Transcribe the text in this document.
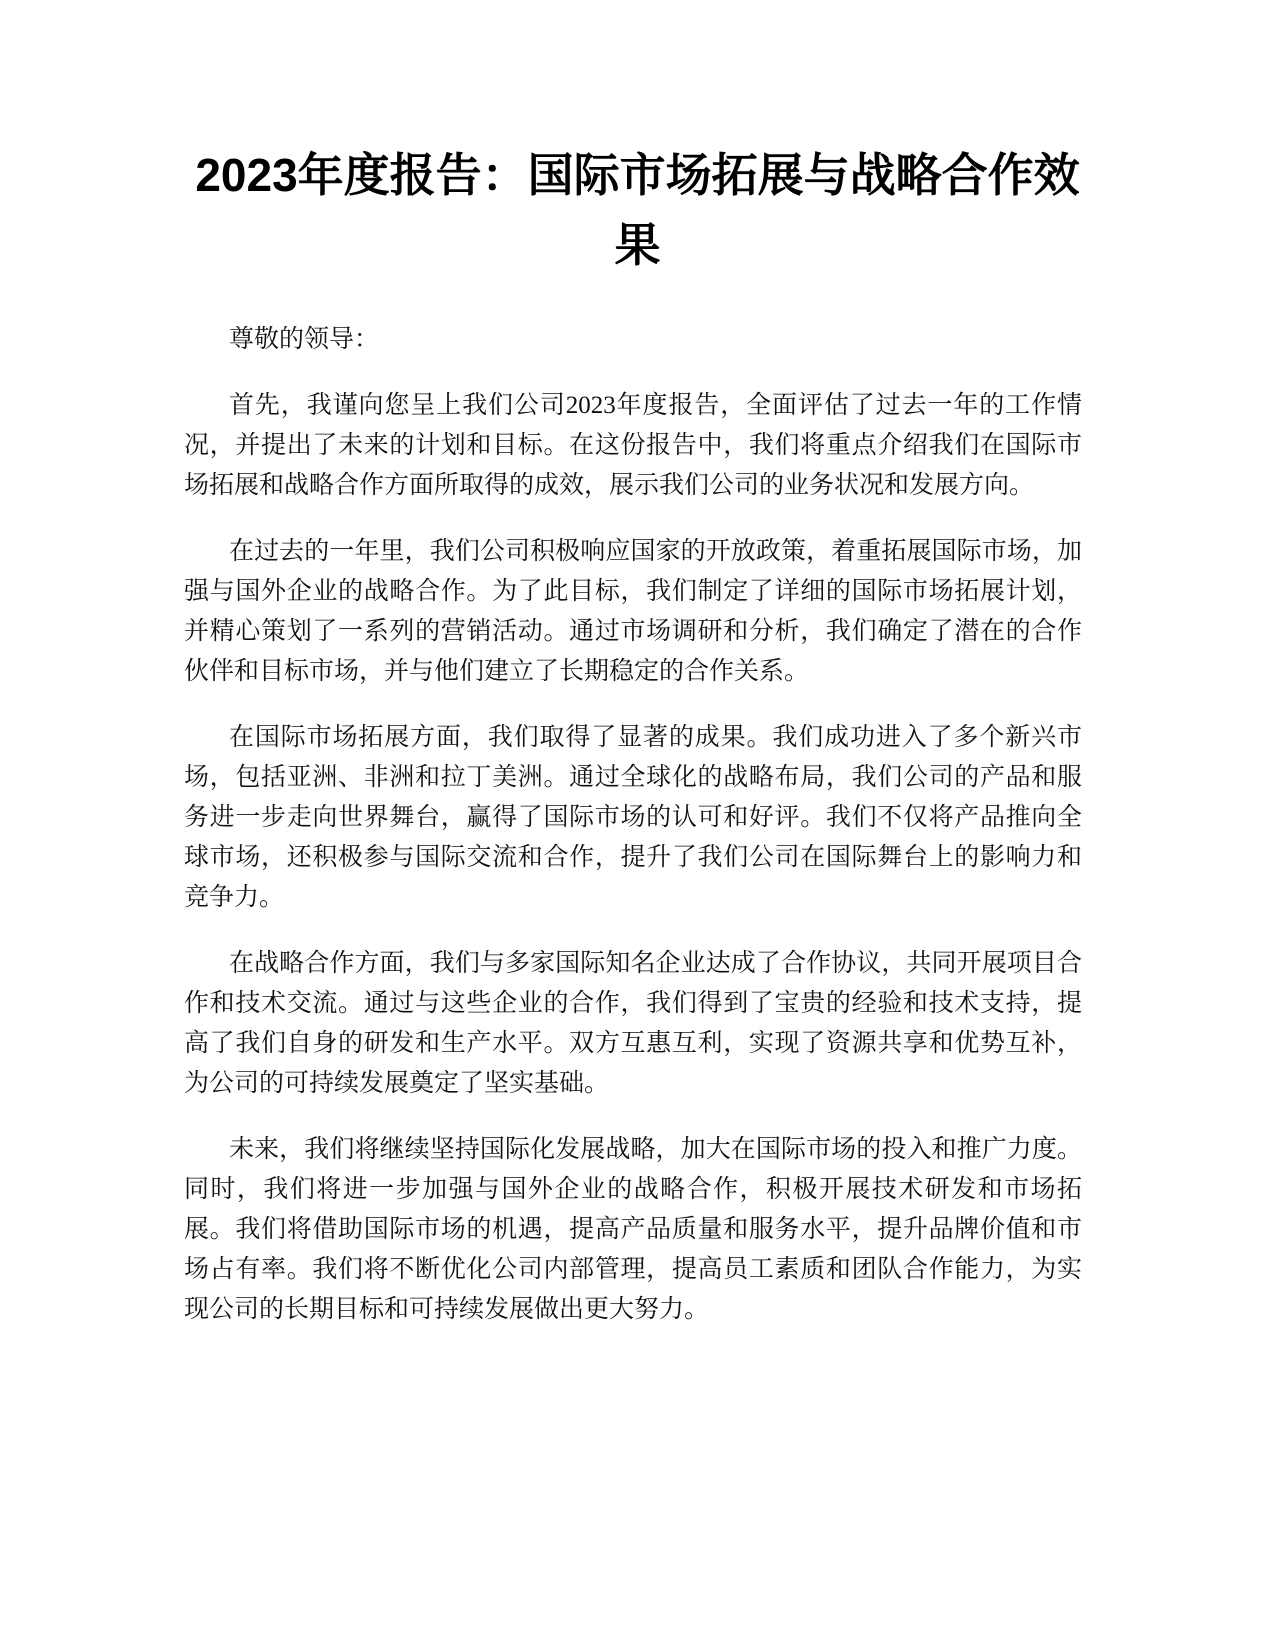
2023年度报告：国际市场拓展与战略合作效果

尊敬的领导：

首先，我谨向您呈上我们公司2023年度报告，全面评估了过去一年的工作情况，并提出了未来的计划和目标。在这份报告中，我们将重点介绍我们在国际市场拓展和战略合作方面所取得的成效，展示我们公司的业务状况和发展方向。

在过去的一年里，我们公司积极响应国家的开放政策，着重拓展国际市场，加强与国外企业的战略合作。为了此目标，我们制定了详细的国际市场拓展计划，并精心策划了一系列的营销活动。通过市场调研和分析，我们确定了潜在的合作伙伴和目标市场，并与他们建立了长期稳定的合作关系。

在国际市场拓展方面，我们取得了显著的成果。我们成功进入了多个新兴市场，包括亚洲、非洲和拉丁美洲。通过全球化的战略布局，我们公司的产品和服务进一步走向世界舞台，赢得了国际市场的认可和好评。我们不仅将产品推向全球市场，还积极参与国际交流和合作，提升了我们公司在国际舞台上的影响力和竞争力。

在战略合作方面，我们与多家国际知名企业达成了合作协议，共同开展项目合作和技术交流。通过与这些企业的合作，我们得到了宝贵的经验和技术支持，提高了我们自身的研发和生产水平。双方互惠互利，实现了资源共享和优势互补，为公司的可持续发展奠定了坚实基础。

未来，我们将继续坚持国际化发展战略，加大在国际市场的投入和推广力度。同时，我们将进一步加强与国外企业的战略合作，积极开展技术研发和市场拓展。我们将借助国际市场的机遇，提高产品质量和服务水平，提升品牌价值和市场占有率。我们将不断优化公司内部管理，提高员工素质和团队合作能力，为实现公司的长期目标和可持续发展做出更大努力。
